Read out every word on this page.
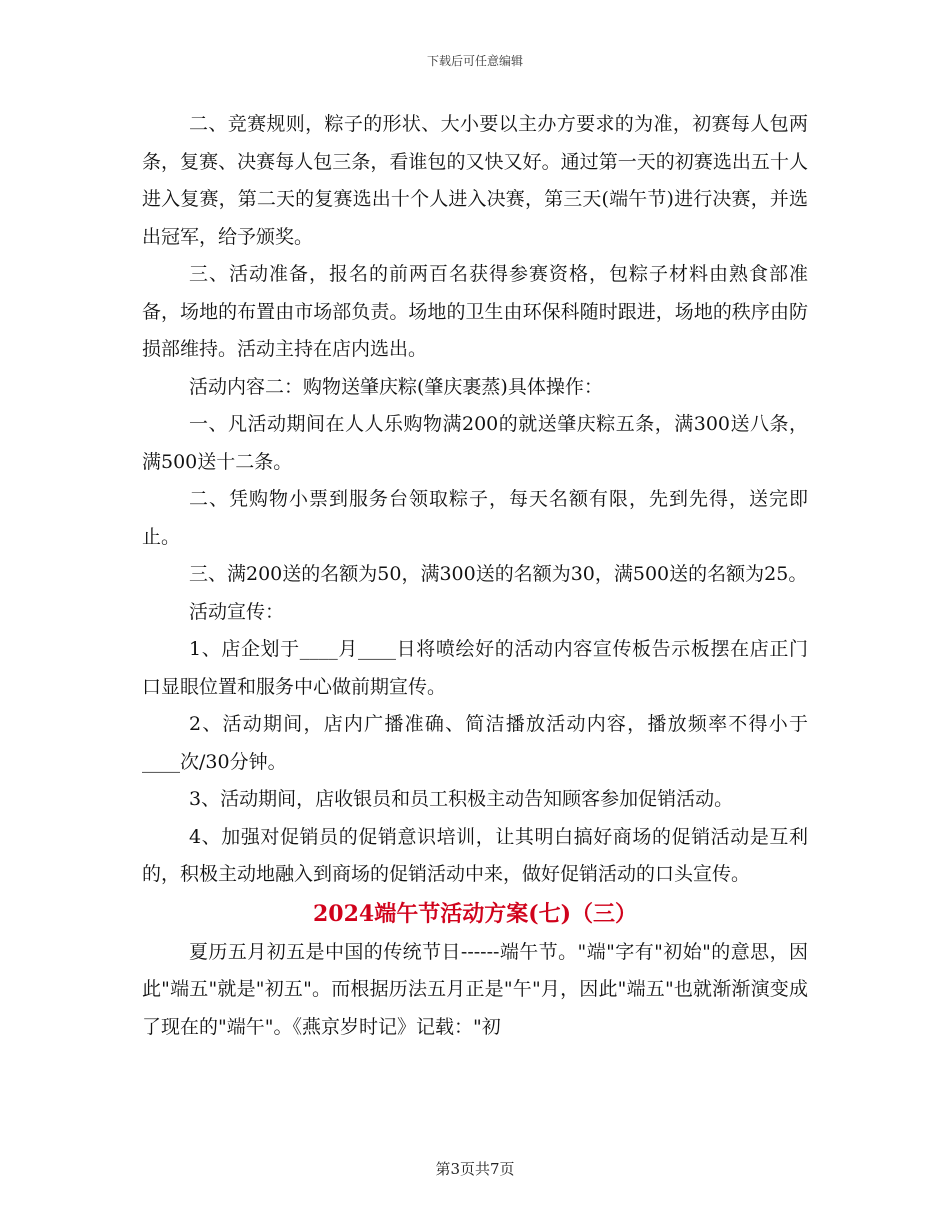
下载后可任意编辑

二、竞赛规则，粽子的形状、大小要以主办方要求的为准，初赛每人包两条，复赛、决赛每人包三条，看谁包的又快又好。通过第一天的初赛选出五十人进入复赛，第二天的复赛选出十个人进入决赛，第三天(端午节)进行决赛，并选出冠军，给予颁奖。

三、活动准备，报名的前两百名获得参赛资格，包粽子材料由熟食部准备，场地的布置由市场部负责。场地的卫生由环保科随时跟进，场地的秩序由防损部维持。活动主持在店内选出。

活动内容二：购物送肇庆粽(肇庆裹蒸)具体操作：

一、凡活动期间在人人乐购物满200的就送肇庆粽五条，满300送八条，满500送十二条。

二、凭购物小票到服务台领取粽子，每天名额有限，先到先得，送完即止。

三、满200送的名额为50，满300送的名额为30，满500送的名额为25。

活动宣传：

1、店企划于____月____日将喷绘好的活动内容宣传板告示板摆在店正门口显眼位置和服务中心做前期宣传。

2、活动期间，店内广播准确、简洁播放活动内容，播放频率不得小于____次/30分钟。

3、活动期间，店收银员和员工积极主动告知顾客参加促销活动。

4、加强对促销员的促销意识培训，让其明白搞好商场的促销活动是互利的，积极主动地融入到商场的促销活动中来，做好促销活动的口头宣传。

2024端午节活动方案(七)（三）

夏历五月初五是中国的传统节日------端午节。"端"字有"初始"的意思，因此"端五"就是"初五"。而根据历法五月正是"午"月，因此"端五"也就渐渐演变成了现在的"端午"。《燕京岁时记》记载："初

第3页共7页
